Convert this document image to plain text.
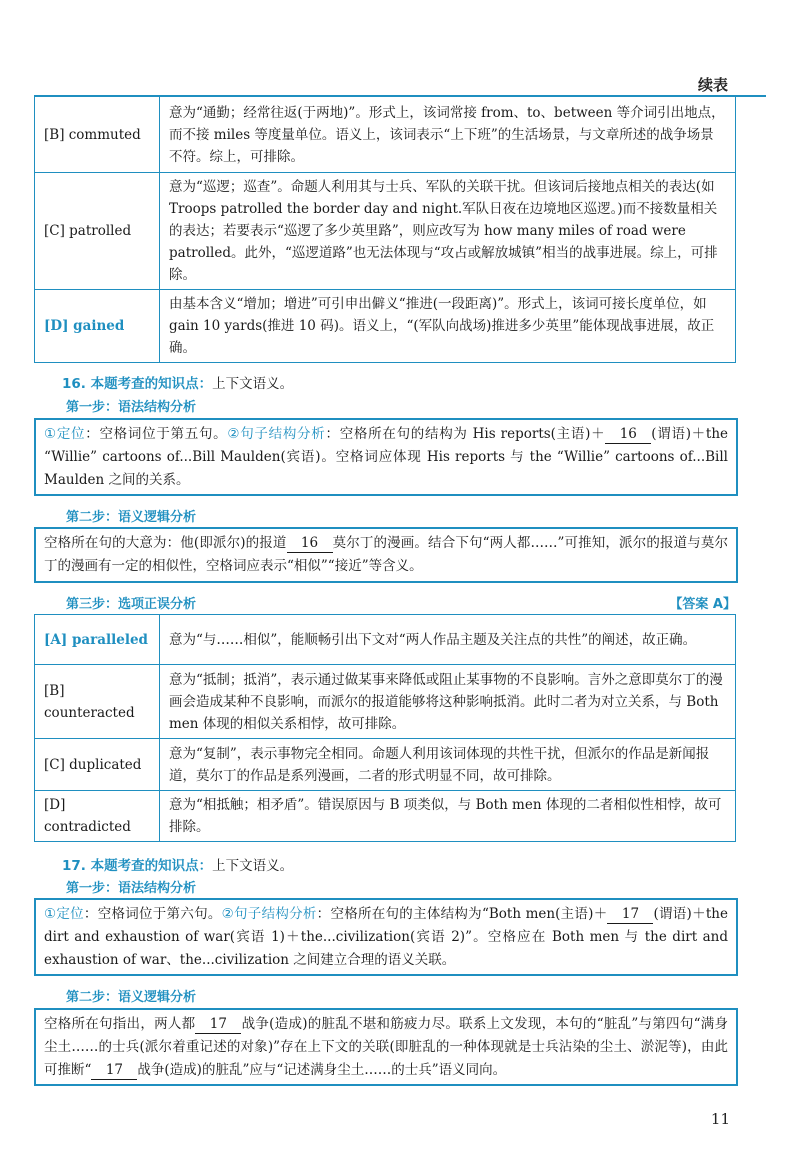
续表
[B] commuted	意为“通勤；经常往返(于两地)”。形式上，该词常接 from、to、between 等介词引出地点，而不接 miles 等度量单位。语义上，该词表示“上下班”的生活场景，与文章所述的战争场景不符。综上，可排除。
[C] patrolled	意为“巡逻；巡查”。命题人利用其与士兵、军队的关联干扰。但该词后接地点相关的表达(如 Troops patrolled the border day and night.军队日夜在边境地区巡逻。)而不接数量相关的表达；若要表示“巡逻了多少英里路”，则应改写为 how many miles of road were patrolled。此外，“巡逻道路”也无法体现与“攻占或解放城镇”相当的战事进展。综上，可排除。
[D] gained	由基本含义“增加；增进”可引申出僻义“推进(一段距离)”。形式上，该词可接长度单位，如 gain 10 yards(推进 10 码)。语义上，“(军队向战场)推进多少英里”能体现战事进展，故正确。
16. 本题考查的知识点：上下文语义。
第一步：语法结构分析
①定位：空格词位于第五句。②句子结构分析：空格所在句的结构为 His reports(主语)＋ 16 (谓语)＋the “Willie” cartoons of...Bill Maulden(宾语)。空格词应体现 His reports 与 the “Willie” cartoons of...Bill Maulden 之间的关系。
第二步：语义逻辑分析
空格所在句的大意为：他(即派尔)的报道 16 莫尔丁的漫画。结合下句“两人都……”可推知，派尔的报道与莫尔丁的漫画有一定的相似性，空格词应表示“相似”“接近”等含义。
第三步：选项正误分析	【答案 A】
[A] paralleled	意为“与……相似”，能顺畅引出下文对“两人作品主题及关注点的共性”的阐述，故正确。
[B] counteracted	意为“抵制；抵消”，表示通过做某事来降低或阻止某事物的不良影响。言外之意即莫尔丁的漫画会造成某种不良影响，而派尔的报道能够将这种影响抵消。此时二者为对立关系，与 Both men 体现的相似关系相悖，故可排除。
[C] duplicated	意为“复制”，表示事物完全相同。命题人利用该词体现的共性干扰，但派尔的作品是新闻报道，莫尔丁的作品是系列漫画，二者的形式明显不同，故可排除。
[D] contradicted	意为“相抵触；相矛盾”。错误原因与 B 项类似，与 Both men 体现的二者相似性相悖，故可排除。
17. 本题考查的知识点：上下文语义。
第一步：语法结构分析
①定位：空格词位于第六句。②句子结构分析：空格所在句的主体结构为“Both men(主语)＋ 17 (谓语)＋the dirt and exhaustion of war(宾语 1)＋the...civilization(宾语 2)”。空格应在 Both men 与 the dirt and exhaustion of war、the...civilization 之间建立合理的语义关联。
第二步：语义逻辑分析
空格所在句指出，两人都 17 战争(造成)的脏乱不堪和筋疲力尽。联系上文发现，本句的“脏乱”与第四句“满身尘土……的士兵(派尔着重记述的对象)”存在上下文的关联(即脏乱的一种体现就是士兵沾染的尘土、淤泥等)，由此可推断“ 17 战争(造成)的脏乱”应与“记述满身尘土……的士兵”语义同向。
11
